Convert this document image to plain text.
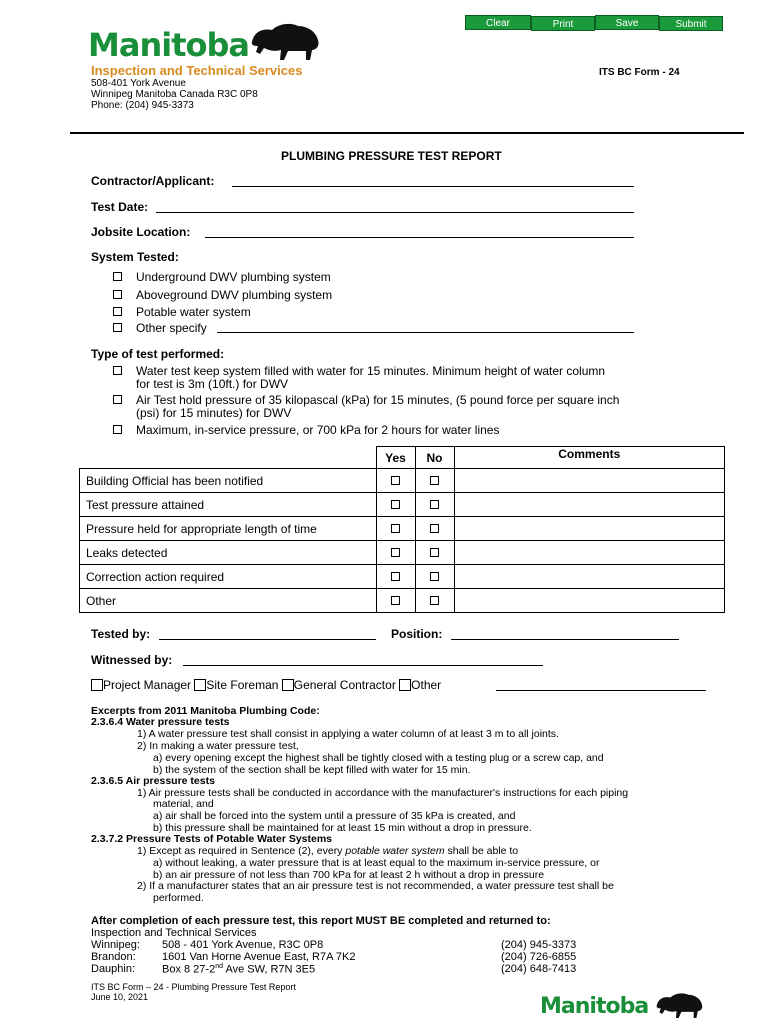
Clear	Print	Save	Submit
Manitoba
Inspection and Technical Services
508-401 York Avenue
Winnipeg Manitoba Canada R3C 0P8
Phone: (204) 945-3373
ITS BC Form - 24
PLUMBING PRESSURE TEST REPORT
Contractor/Applicant:
Test Date:
Jobsite Location:
System Tested:
Underground DWV plumbing system
Aboveground DWV plumbing system
Potable water system
Other specify
Type of test performed:
Water test keep system filled with water for 15 minutes. Minimum height of water column
for test is 3m (10ft.) for DWV
Air Test hold pressure of 35 kilopascal (kPa) for 15 minutes, (5 pound force per square inch
(psi) for 15 minutes) for DWV
Maximum, in-service pressure, or 700 kPa for 2 hours for water lines
	Yes	No	Comments
Building Official has been notified			
Test pressure attained			
Pressure held for appropriate length of time			
Leaks detected			
Correction action required			
Other			
Tested by:	Position:
Witnessed by:
Project Manager Site Foreman General Contractor Other
Excerpts from 2011 Manitoba Plumbing Code:
2.3.6.4 Water pressure tests
1) A water pressure test shall consist in applying a water column of at least 3 m to all joints.
2) In making a water pressure test,
a) every opening except the highest shall be tightly closed with a testing plug or a screw cap, and
b) the system of the section shall be kept filled with water for 15 min.
2.3.6.5 Air pressure tests
1) Air pressure tests shall be conducted in accordance with the manufacturer's instructions for each piping
material, and
a) air shall be forced into the system until a pressure of 35 kPa is created, and
b) this pressure shall be maintained for at least 15 min without a drop in pressure.
2.3.7.2 Pressure Tests of Potable Water Systems
1) Except as required in Sentence (2), every potable water system shall be able to
a) without leaking, a water pressure that is at least equal to the maximum in-service pressure, or
b) an air pressure of not less than 700 kPa for at least 2 h without a drop in pressure
2) If a manufacturer states that an air pressure test is not recommended, a water pressure test shall be
performed.
After completion of each pressure test, this report MUST BE completed and returned to:
Inspection and Technical Services
Winnipeg: 508 - 401 York Avenue, R3C 0P8	(204) 945-3373
Brandon: 1601 Van Horne Avenue East, R7A 7K2	(204) 726-6855
Dauphin: Box 8 27-2nd Ave SW, R7N 3E5	(204) 648-7413
ITS BC Form – 24 - Plumbing Pressure Test Report
June 10, 2021	Manitoba
